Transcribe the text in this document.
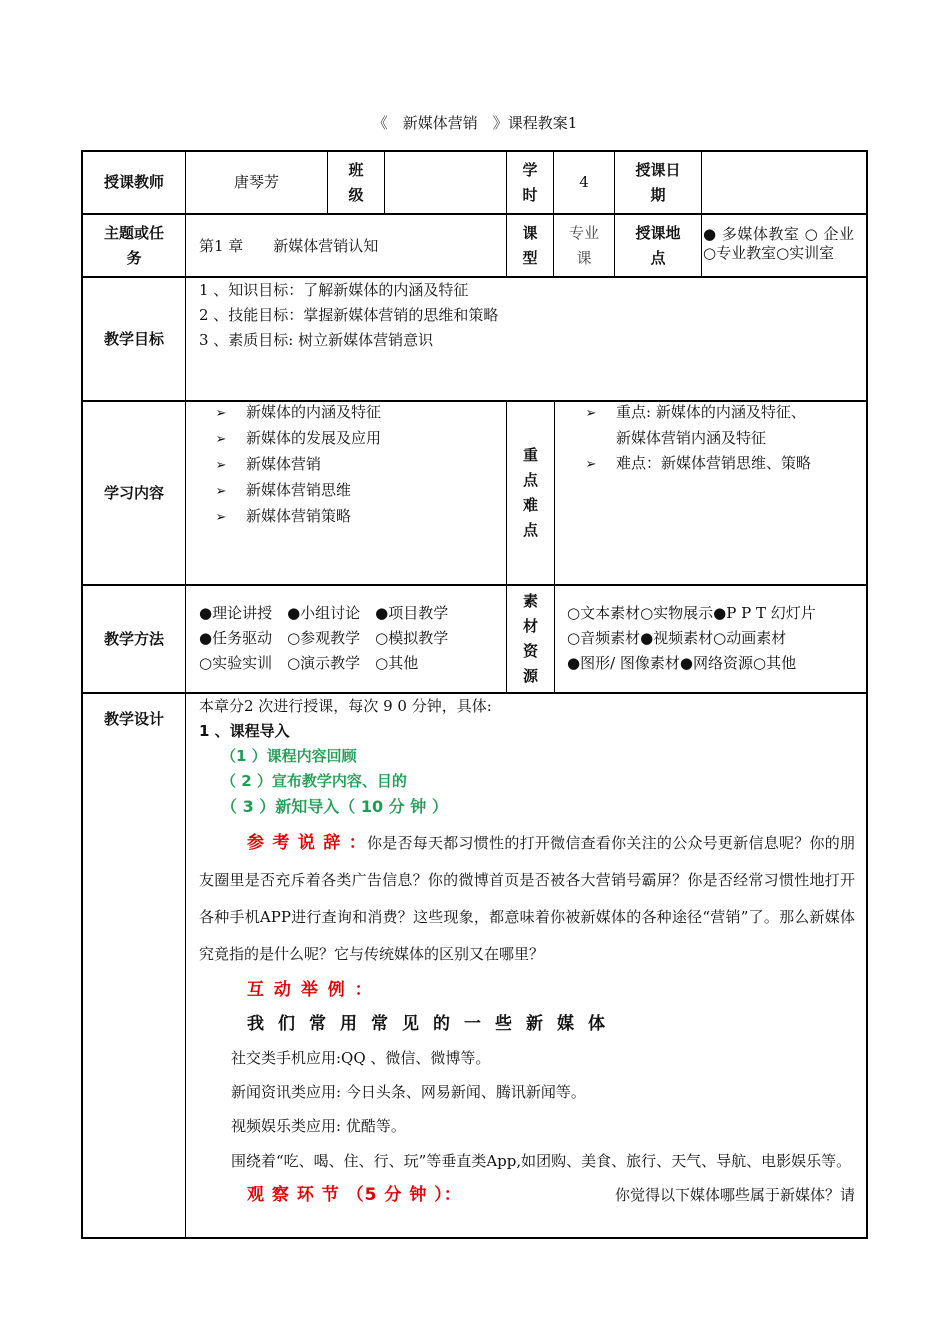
《　新媒体营销　》课程教案1
授课教师	唐琴芳
班级
学时
4
授课日期
主题或任务
第1 章　　新媒体营销认知
课型
专业课
授课地点
● 多媒体教室 ○ 企业
○专业教室○实训室
教学目标
1 、知识目标：了解新媒体的内涵及特征
2 、技能目标：掌握新媒体营销的思维和策略
3 、素质目标: 树立新媒体营销意识
学习内容
➢ 新媒体的内涵及特征
➢ 新媒体的发展及应用
➢ 新媒体营销
➢ 新媒体营销思维
➢ 新媒体营销策略
重点难点
➢ 重点: 新媒体的内涵及特征、
新媒体营销内涵及特征
➢ 难点：新媒体营销思维、策略
教学方法
●理论讲授　●小组讨论　●项目教学
●任务驱动　○参观教学　○模拟教学
○实验实训　○演示教学　○其他
素材资源
○文本素材○实物展示●P P T 幻灯片
○音频素材●视频素材○动画素材
●图形/ 图像素材●网络资源○其他
教学设计
本章分2 次进行授课，每次 9 0 分钟，具体:
1 、课程导入
（1 ）课程内容回顾
（ 2 ）宣布教学内容、目的
（ 3 ）新知导入（ 10 分 钟 ）
参 考 说 辞 ：你是否每天都习惯性的打开微信查看你关注的公众号更新信息呢？你的朋友圈里是否充斥着各类广告信息？你的微博首页是否被各大营销号霸屏？你是否经常习惯性地打开各种手机APP进行查询和消费？这些现象，都意味着你被新媒体的各种途径“营销”了。那么新媒体究竟指的是什么呢？它与传统媒体的区别又在哪里？
互 动 举 例 ：
我们常用常见的一些新媒体
社交类手机应用:QQ 、微信、微博等。
新闻资讯类应用: 今日头条、网易新闻、腾讯新闻等。
视频娱乐类应用: 优酷等。
围绕着“吃、喝、住、行、玩”等垂直类App,如团购、美食、旅行、天气、导航、电影娱乐等。
观 察 环 节 （5 分 钟 ）：	你觉得以下媒体哪些属于新媒体？请
